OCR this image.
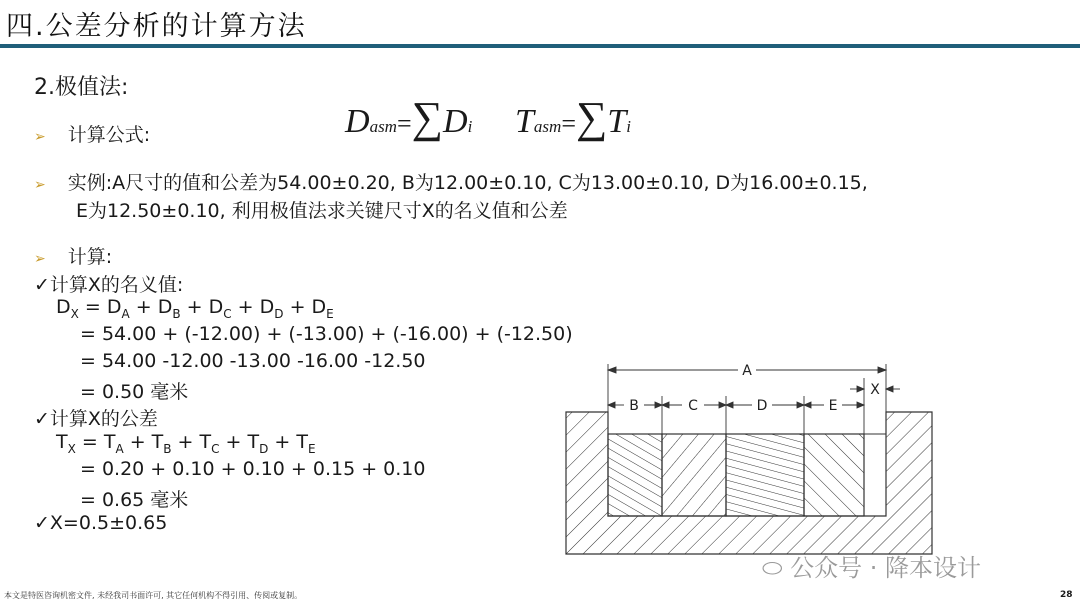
四.公差分析的计算方法
2.极值法:
Dasm=∑Di Tasm=∑Ti
➢ 计算公式:
➢ 实例:A尺寸的值和公差为54.00±0.20, B为12.00±0.10, C为13.00±0.10, D为16.00±0.15,
E为12.50±0.10, 利用极值法求关键尺寸X的名义值和公差
➢ 计算:
✓计算X的名义值:
$D_X = D_A + D_B + D_C + D_D + D_E$
= 54.00 + (-12.00) + (-13.00) + (-16.00) + (-12.50)
= 54.00 -12.00 -13.00 -16.00 -12.50
= 0.50 毫米
✓计算X的公差
$T_X = T_A + T_B + T_C + T_D + T_E$
= 0.20 + 0.10 + 0.10 + 0.15 + 0.10
= 0.65 毫米
✓X=0.5±0.65
A
B	C	D	E
X
⬭ 公众号 · 降本设计
本文是特医咨询机密文件, 未经我司书面许可, 其它任何机构不得引用、传阅或复制。	28
